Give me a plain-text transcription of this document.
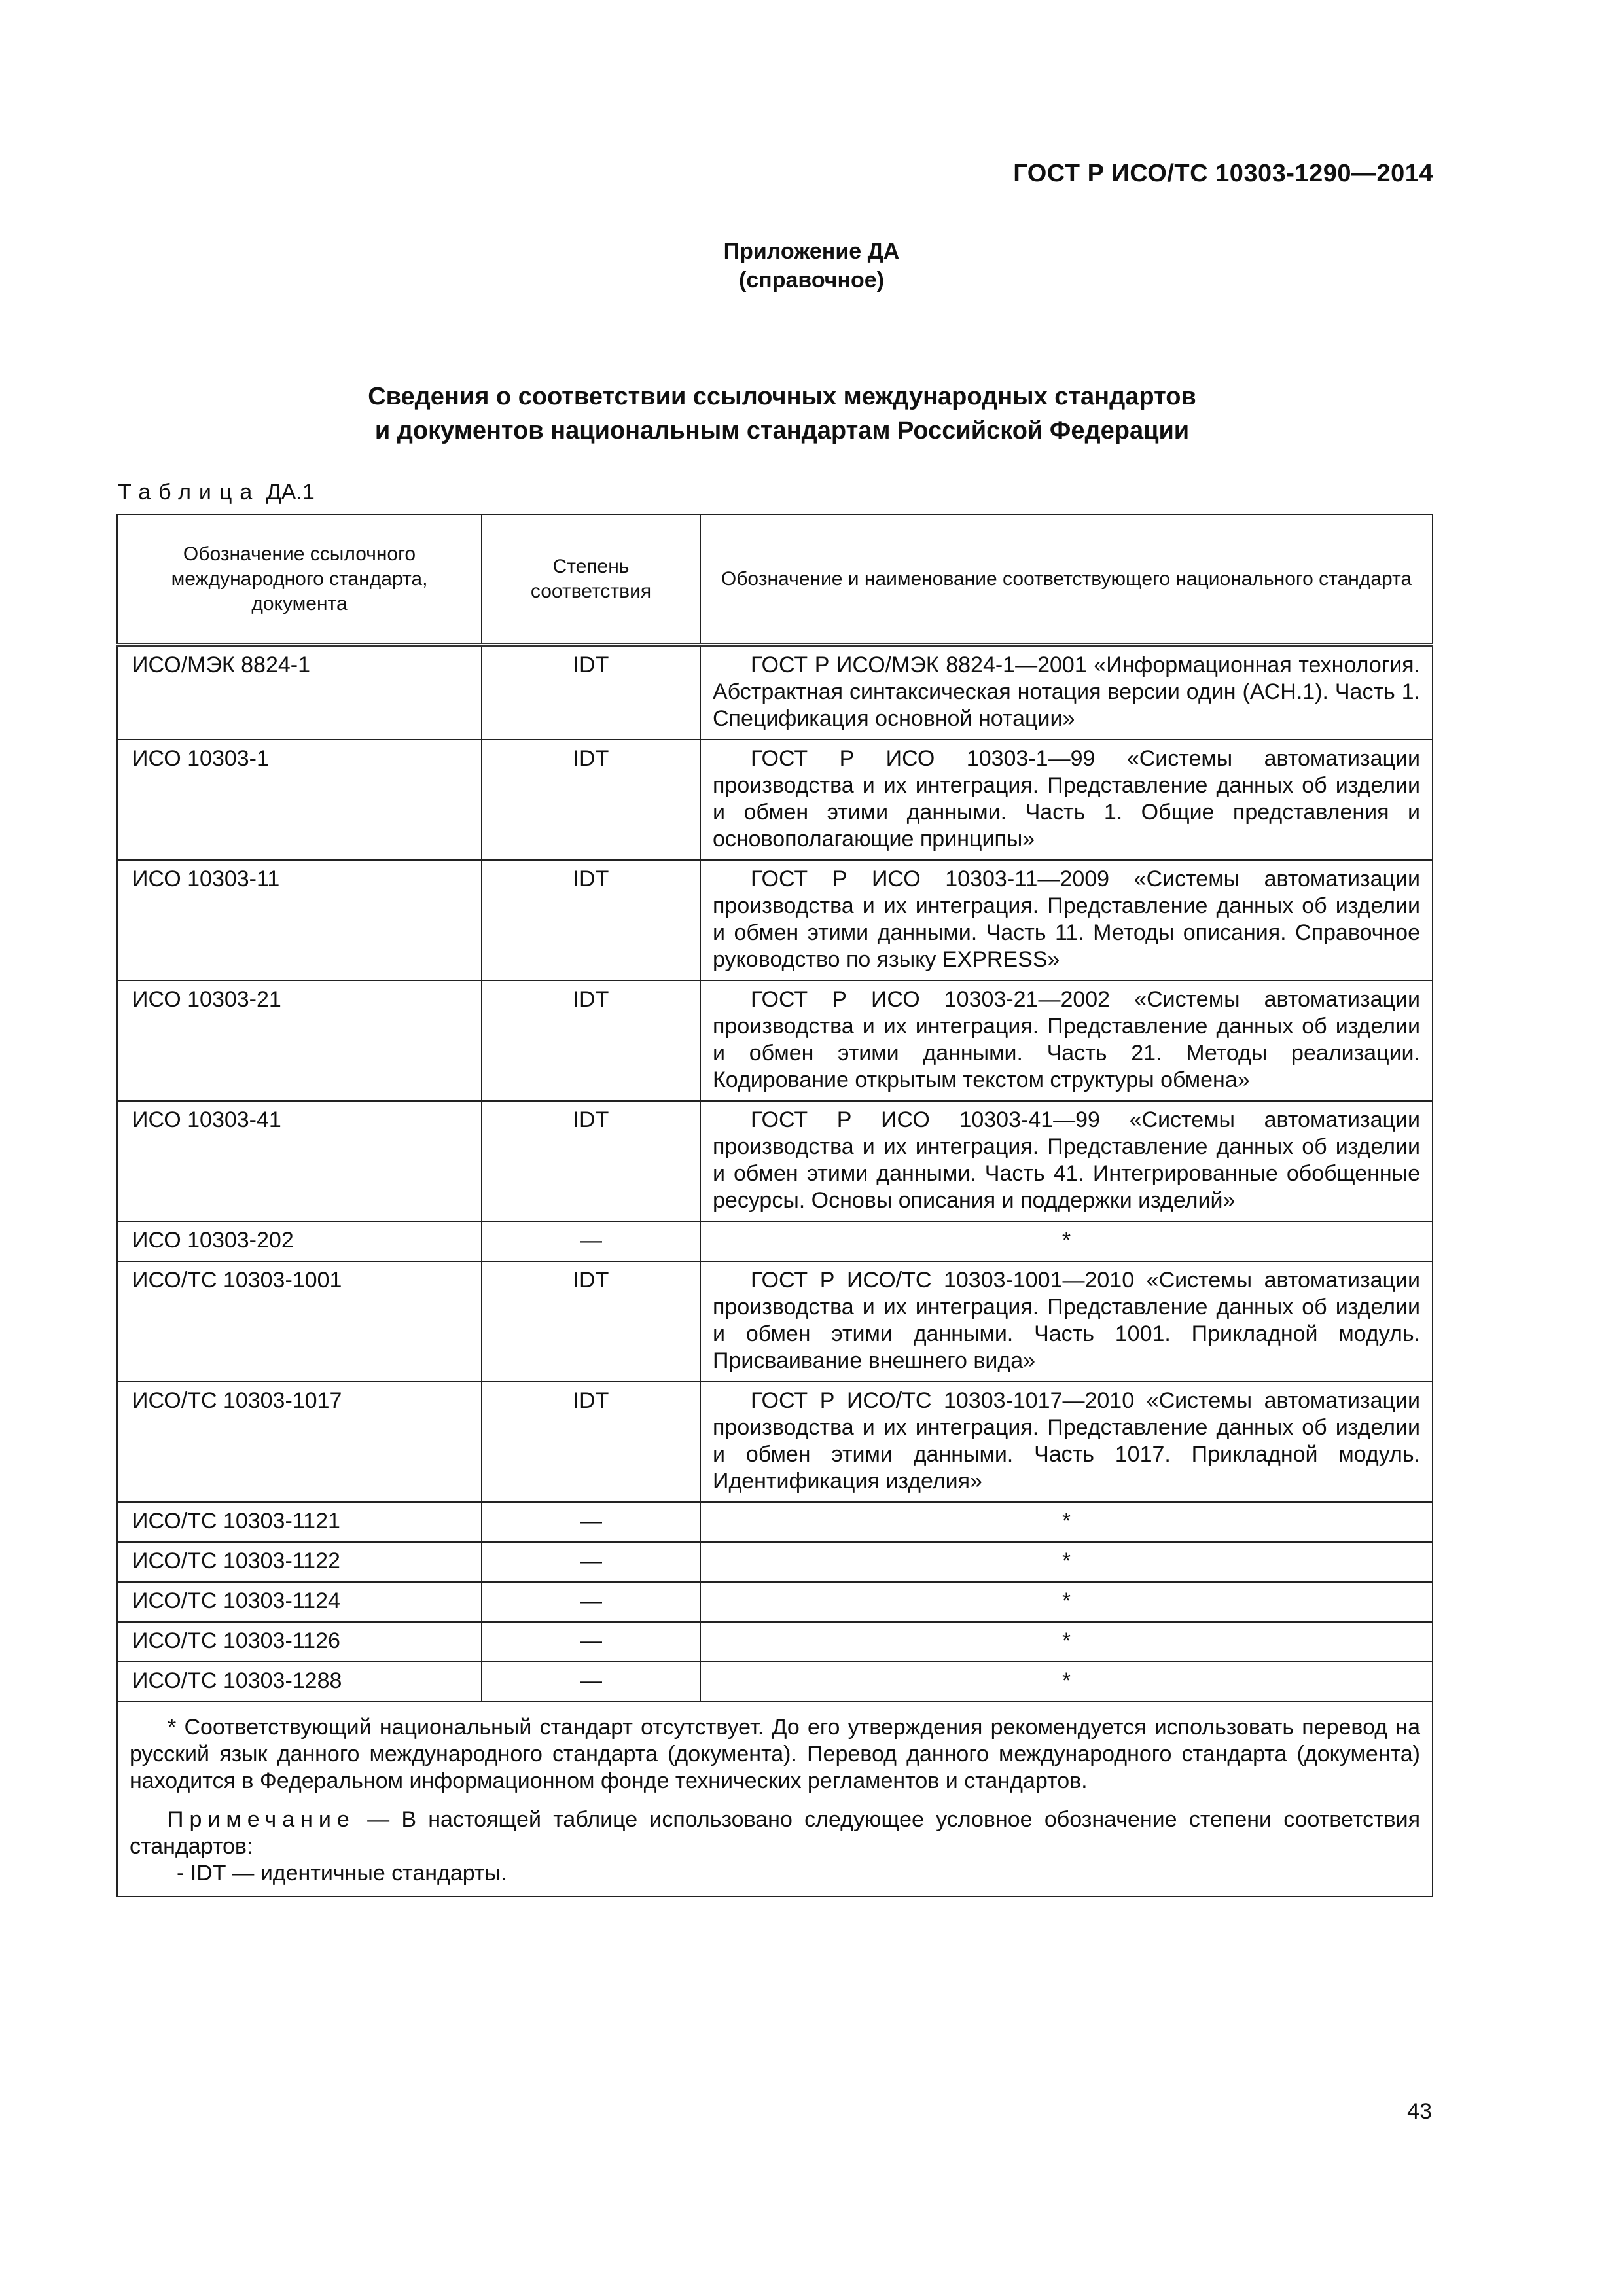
ГОСТ Р ИСО/ТС 10303-1290—2014
Приложение ДА
(справочное)
Сведения о соответствии ссылочных международных стандартов
и документов национальным стандартам Российской Федерации
Таблица ДА.1
Обозначение ссылочного международного стандарта, документа	Степень соответствия	Обозначение и наименование соответствующего национального стандарта
ИСО/МЭК 8824-1	IDT	ГОСТ Р ИСО/МЭК 8824-1—2001 «Информационная технология. Абстрактная синтаксическая нотация версии один (АСН.1). Часть 1. Спецификация основной нотации»

ИСО 10303-1	IDT	ГОСТ Р ИСО 10303-1—99 «Системы автоматизации производства и их интеграция. Представление данных об изделии и обмен этими данными. Часть 1. Общие представления и основополагающие принципы»

ИСО 10303-11	IDT	ГОСТ Р ИСО 10303-11—2009 «Системы автоматизации производства и их интеграция. Представление данных об изделии и обмен этими данными. Часть 11. Методы описания. Справочное руководство по языку EXPRESS»

ИСО 10303-21	IDT	ГОСТ Р ИСО 10303-21—2002 «Системы автоматизации производства и их интеграция. Представление данных об изделии и обмен этими данными. Часть 21. Методы реализации. Кодирование открытым текстом структуры обмена»

ИСО 10303-41	IDT	ГОСТ Р ИСО 10303-41—99 «Системы автоматизации производства и их интеграция. Представление данных об изделии и обмен этими данными. Часть 41. Интегрированные обобщенные ресурсы. Основы описания и поддержки изделий»

ИСО 10303-202	—	*
ИСО/ТС 10303-1001	IDT	ГОСТ Р ИСО/ТС 10303-1001—2010 «Системы автоматизации производства и их интеграция. Представление данных об изделии и обмен этими данными. Часть 1001. Прикладной модуль. Присваивание внешнего вида»

ИСО/ТС 10303-1017	IDT	ГОСТ Р ИСО/ТС 10303-1017—2010 «Системы автоматизации производства и их интеграция. Представление данных об изделии и обмен этими данными. Часть 1017. Прикладной модуль. Идентификация изделия»

ИСО/ТС 10303-1121	—	*
ИСО/ТС 10303-1122	—	*
ИСО/ТС 10303-1124	—	*
ИСО/ТС 10303-1126	—	*
ИСО/ТС 10303-1288	—	*

* Соответствующий национальный стандарт отсутствует. До его утверждения рекомендуется использовать перевод на русский язык данного международного стандарта (документа). Перевод данного международного стандарта (документа) находится в Федеральном информационном фонде технических регламентов и стандартов.
Примечание — В настоящей таблице использовано следующее условное обозначение степени соответствия стандартов:
- IDT — идентичные стандарты.		
43
